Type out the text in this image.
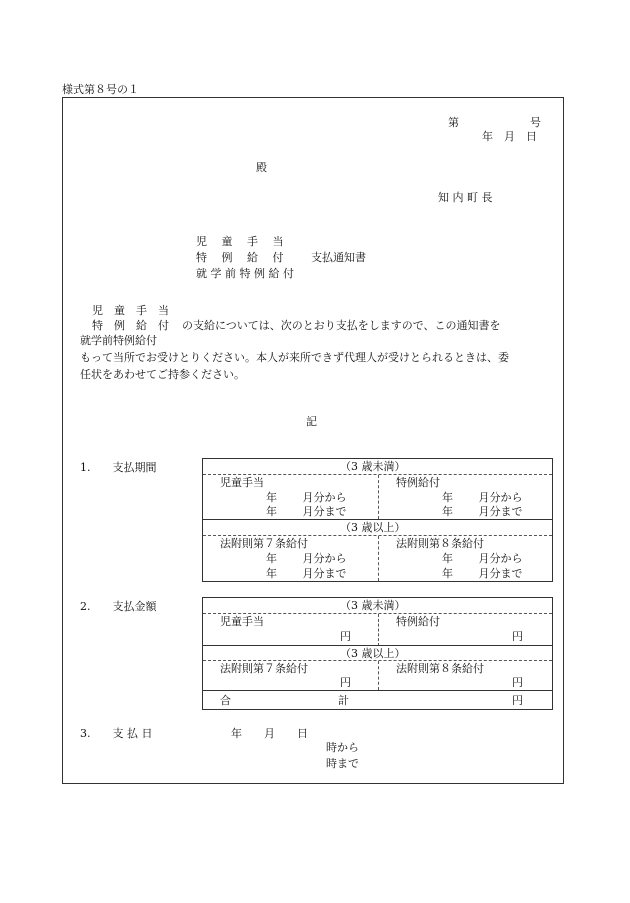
様式第８号の１
第	号
年　月　日
殿
知 内 町 長
児　 童　 手　 当
特　 例　 給　 付	支払通知書
就 学 前 特 例 給 付
児　童　手　当
特　例　給　付 の支給については、次のとおり支払をしますので、この通知書を
就学前特例給付
もって当所でお受けとりください。本人が来所できず代理人が受けとられるときは、委
任状をあわせてご持参ください。
記
1.　　支払期間	（3 歳未満）
児童手当	特例給付
年　　 月分から	年　　 月分から
年　　 月分まで	年　　 月分まで
（3 歳以上）
法附則第７条給付	法附則第８条給付
年　　 月分から	年　　 月分から
年　　 月分まで	年　　 月分まで
2.　　支払金額	（3 歳未満）
児童手当	特例給付
円	円
（3 歳以上）
法附則第７条給付	法附則第８条給付
円	円
合	計	円
3.　　支 払 日	年　　月　　日
時から
時まで
